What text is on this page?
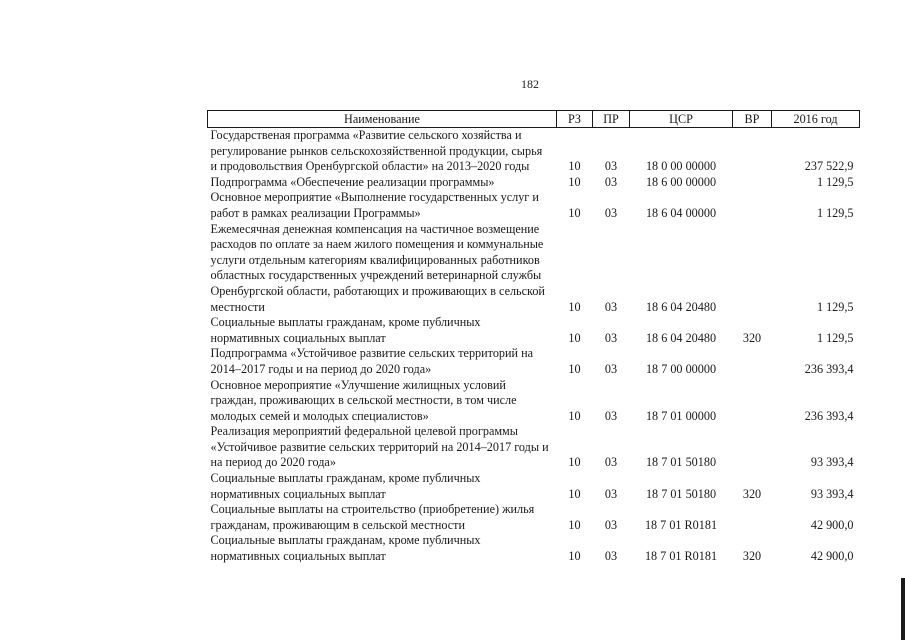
182
Наименование	РЗ	ПР	ЦСР	ВР	2016 год
Государственая программа «Развитие сельского хозяйства и регулирование рынков сельскохозяйственной продукции, сырья и продовольствия Оренбургской области» на 2013–2020 годы	10	03	18 0 00 00000		237 522,9
Подпрограмма «Обеспечение реализации программы»	10	03	18 6 00 00000		1 129,5
Основное мероприятие «Выполнение государственных услуг и работ в рамках реализации Программы»	10	03	18 6 04 00000		1 129,5
Ежемесячная денежная компенсация на частичное возмещение расходов по оплате за наем жилого помещения и коммунальные услуги отдельным категориям квалифицированных работников областных государственных учреждений ветеринарной службы Оренбургской области, работающих и проживающих в сельской местности	10	03	18 6 04 20480		1 129,5
Социальные выплаты гражданам, кроме публичных нормативных социальных выплат	10	03	18 6 04 20480	320	1 129,5
Подпрограмма «Устойчивое развитие сельских территорий на 2014–2017 годы и на период до 2020 года»	10	03	18 7 00 00000		236 393,4
Основное мероприятие «Улучшение жилищных условий граждан, проживающих в сельской местности, в том числе молодых семей и молодых специалистов»	10	03	18 7 01 00000		236 393,4
Реализация мероприятий федеральной целевой программы «Устойчивое развитие сельских территорий на 2014–2017 годы и на период до 2020 года»	10	03	18 7 01 50180		93 393,4
Социальные выплаты гражданам, кроме публичных нормативных социальных выплат	10	03	18 7 01 50180	320	93 393,4
Социальные выплаты на строительство (приобретение) жилья гражданам, проживающим в сельской местности	10	03	18 7 01 R0181		42 900,0
Социальные выплаты гражданам, кроме публичных нормативных социальных выплат	10	03	18 7 01 R0181	320	42 900,0
